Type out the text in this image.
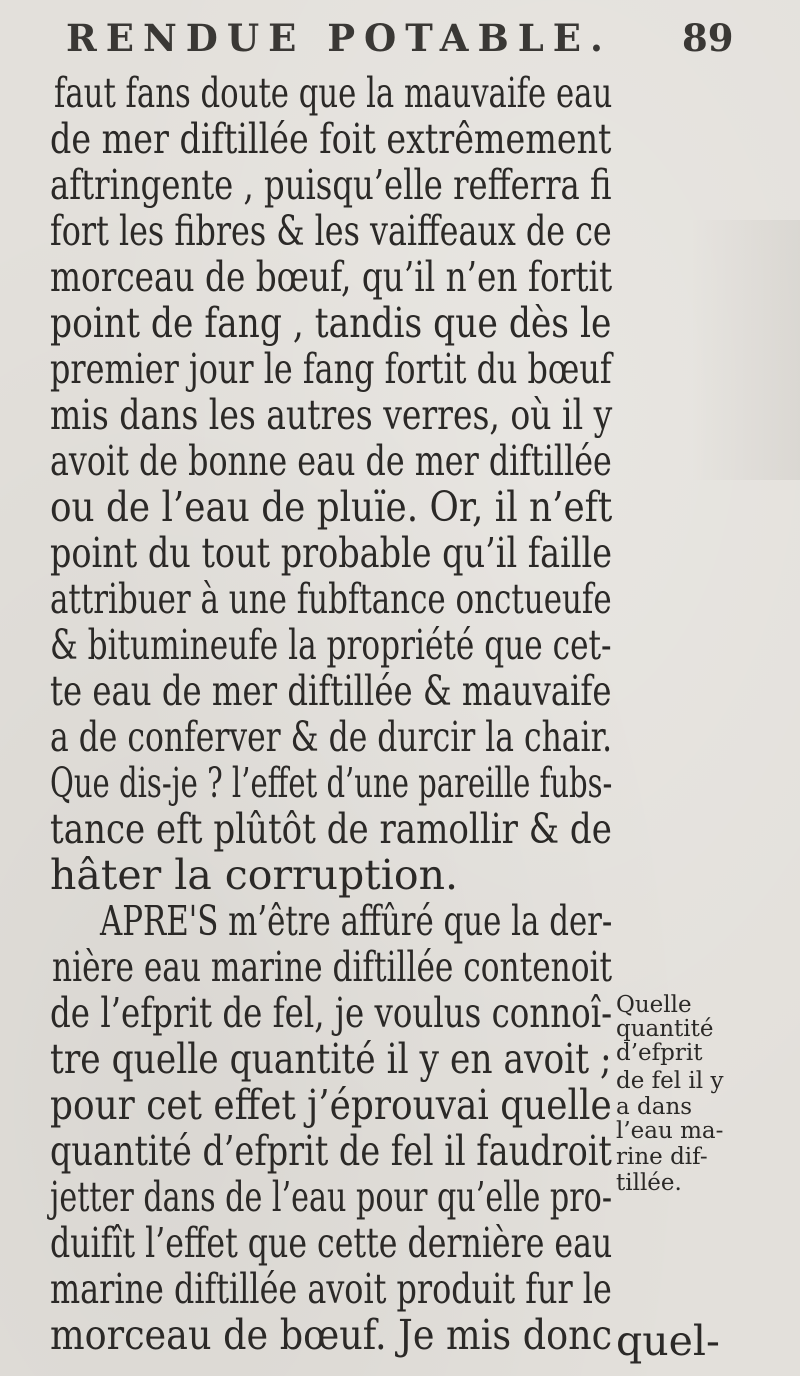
RENDUE POTABLE. 89
faut fans doute que la mauvaife eau
de mer diftillée foit extrêmement
aftringente , puisqu’elle refferra fi
fort les fibres & les vaiffeaux de ce
morceau de bœuf, qu’il n’en fortit
point de fang , tandis que dès le
premier jour le fang fortit du bœuf
mis dans les autres verres, où il y
avoit de bonne eau de mer diftillée
ou de l’eau de pluïe. Or, il n’eft
point du tout probable qu’il faille
attribuer à une fubftance onctueufe
& bitumineufe la propriété que cet-
te eau de mer diftillée & mauvaife
a de conferver & de durcir la chair.
Que dis-je ? l’effet d’une pareille fubs-
tance eft plûtôt de ramollir & de
hâter la corruption.
APRE'S m’être affûré que la der-
nière eau marine diftillée contenoit
de l’efprit de fel, je voulus connoî-
tre quelle quantité il y en avoit ;
pour cet effet j’éprouvai quelle
quantité d’efprit de fel il faudroit
jetter dans de l’eau pour qu’elle pro-
duifît l’effet que cette dernière eau
marine diftillée avoit produit fur le
morceau de bœuf. Je mis donc
Quelle
quantité
d’efprit
de fel il y
a dans
l’eau ma-
rine dif-
tillée.
quel-
